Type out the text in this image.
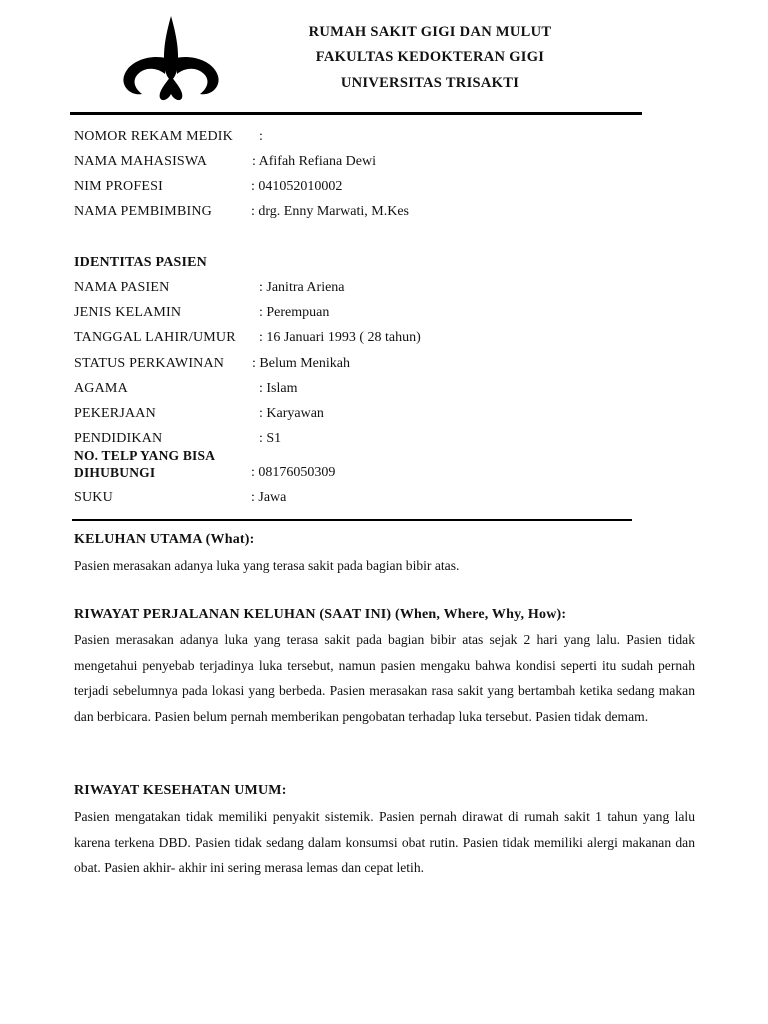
RUMAH SAKIT GIGI DAN MULUT
FAKULTAS KEDOKTERAN GIGI
UNIVERSITAS TRISAKTI
NOMOR REKAM MEDIK :
NAMA MAHASISWA	: Afifah Refiana Dewi
NIM PROFESI	: 041052010002
NAMA PEMBIMBING	: drg. Enny Marwati, M.Kes
IDENTITAS PASIEN
NAMA PASIEN	: Janitra Ariena
JENIS KELAMIN	: Perempuan
TANGGAL LAHIR/UMUR : 16 Januari 1993 ( 28 tahun)
STATUS PERKAWINAN : Belum Menikah
AGAMA	: Islam
PEKERJAAN	: Karyawan
PENDIDIKAN	: S1
NO. TELP YANG BISA
DIHUBUNGI	: 08176050309
SUKU	: Jawa
KELUHAN UTAMA (What):
Pasien merasakan adanya luka yang terasa sakit pada bagian bibir atas.
RIWAYAT PERJALANAN KELUHAN (SAAT INI) (When, Where, Why, How):
Pasien merasakan adanya luka yang terasa sakit pada bagian bibir atas sejak 2 hari yang lalu. Pasien tidak mengetahui penyebab terjadinya luka tersebut, namun pasien mengaku bahwa kondisi seperti itu sudah pernah terjadi sebelumnya pada lokasi yang berbeda. Pasien merasakan rasa sakit yang bertambah ketika sedang makan dan berbicara. Pasien belum pernah memberikan pengobatan terhadap luka tersebut. Pasien tidak demam.
RIWAYAT KESEHATAN UMUM:
Pasien mengatakan tidak memiliki penyakit sistemik. Pasien pernah dirawat di rumah sakit 1 tahun yang lalu karena terkena DBD. Pasien tidak sedang dalam konsumsi obat rutin. Pasien tidak memiliki alergi makanan dan obat. Pasien akhir- akhir ini sering merasa lemas dan cepat letih.
